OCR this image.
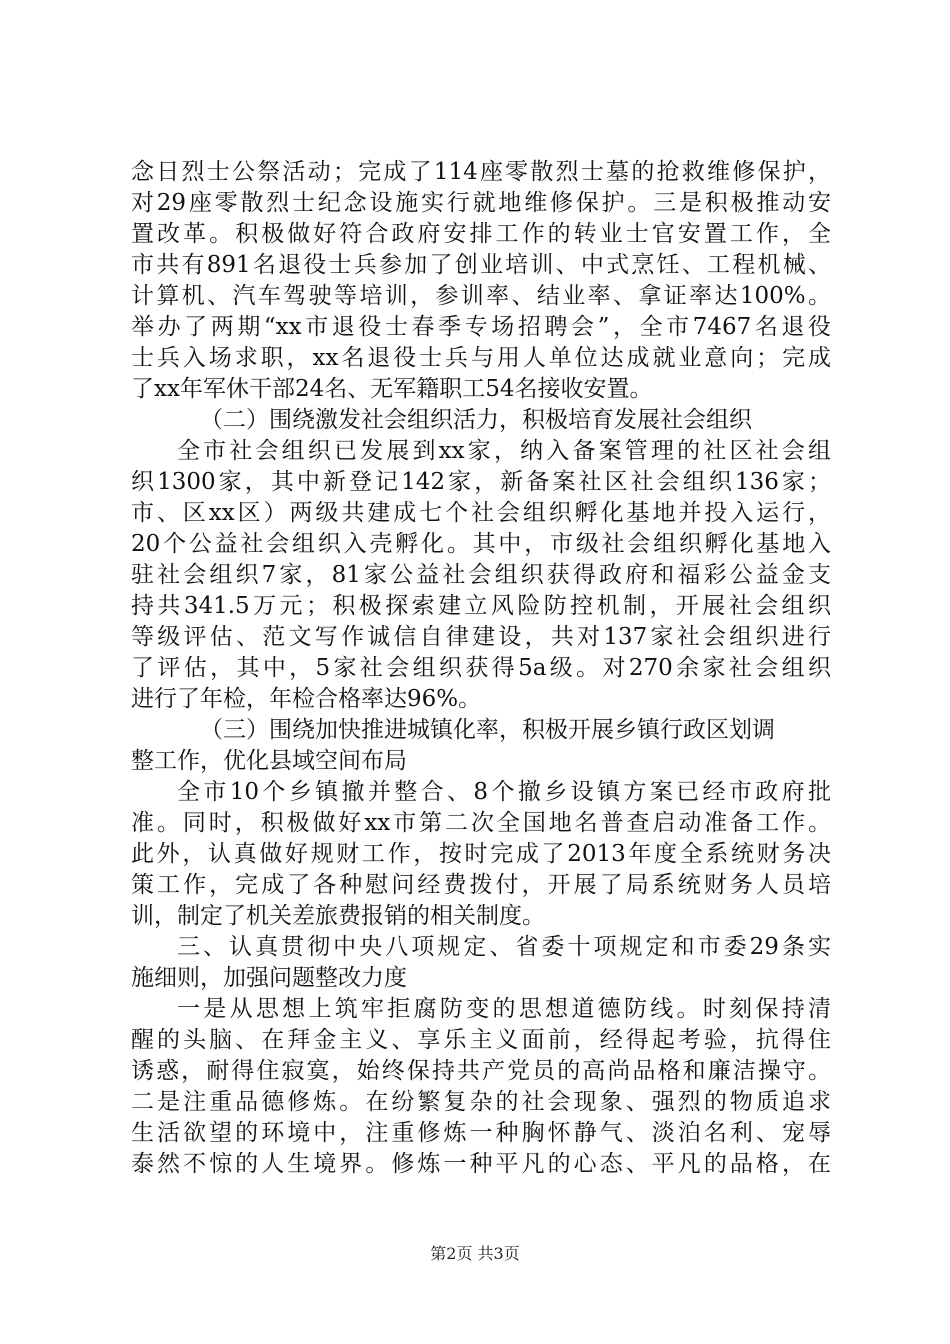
念日烈士公祭活动；完成了114座零散烈士墓的抢救维修保护，
对29座零散烈士纪念设施实行就地维修保护。三是积极推动安
置改革。积极做好符合政府安排工作的转业士官安置工作，全
市共有891名退役士兵参加了创业培训、中式烹饪、工程机械、
计算机、汽车驾驶等培训，参训率、结业率、拿证率达100%。
举办了两期“xx市退役士春季专场招聘会”，全市7467名退役
士兵入场求职，xx名退役士兵与用人单位达成就业意向；完成
了xx年军休干部24名、无军籍职工54名接收安置。
（二）围绕激发社会组织活力，积极培育发展社会组织
全市社会组织已发展到xx家，纳入备案管理的社区社会组
织1300家，其中新登记142家，新备案社区社会组织136家；
市、区xx区）两级共建成七个社会组织孵化基地并投入运行，
20个公益社会组织入壳孵化。其中，市级社会组织孵化基地入
驻社会组织7家，81家公益社会组织获得政府和福彩公益金支
持共341.5万元；积极探索建立风险防控机制，开展社会组织
等级评估、范文写作诚信自律建设，共对137家社会组织进行
了评估，其中，5家社会组织获得5a级。对270余家社会组织
进行了年检，年检合格率达96%。
（三）围绕加快推进城镇化率，积极开展乡镇行政区划调
整工作，优化县域空间布局
全市10个乡镇撤并整合、8个撤乡设镇方案已经市政府批
准。同时，积极做好xx市第二次全国地名普查启动准备工作。
此外，认真做好规财工作，按时完成了2013年度全系统财务决
策工作，完成了各种慰问经费拨付，开展了局系统财务人员培
训，制定了机关差旅费报销的相关制度。
三、认真贯彻中央八项规定、省委十项规定和市委29条实
施细则，加强问题整改力度
一是从思想上筑牢拒腐防变的思想道德防线。时刻保持清
醒的头脑、在拜金主义、享乐主义面前，经得起考验，抗得住
诱惑，耐得住寂寞，始终保持共产党员的高尚品格和廉洁操守。
二是注重品德修炼。在纷繁复杂的社会现象、强烈的物质追求
生活欲望的环境中，注重修炼一种胸怀静气、淡泊名利、宠辱
泰然不惊的人生境界。修炼一种平凡的心态、平凡的品格，在
第2页 共3页
